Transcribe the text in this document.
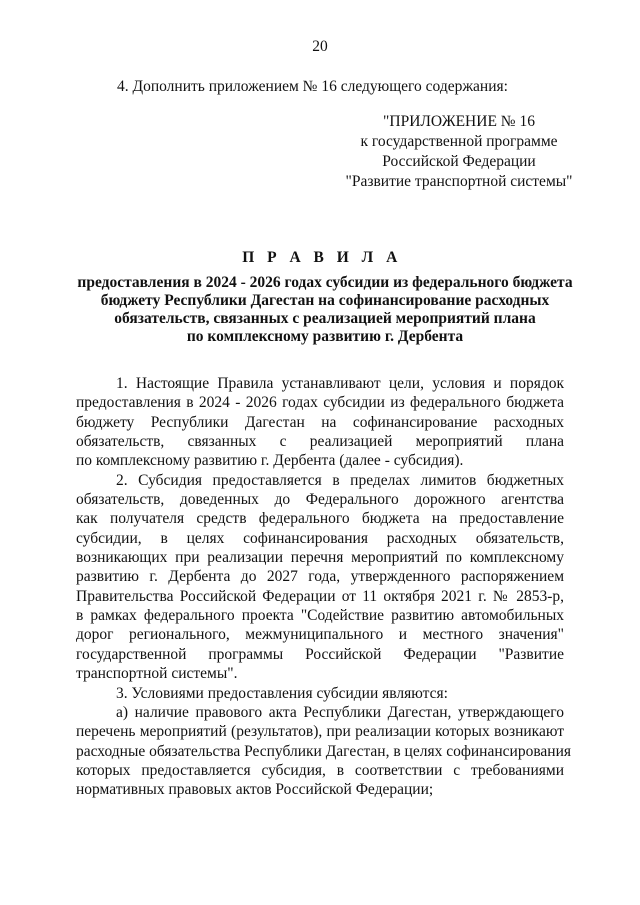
20
4. Дополнить приложением № 16 следующего содержания:
"ПРИЛОЖЕНИЕ № 16
к государственной программе
Российской Федерации
"Развитие транспортной системы"
П Р А В И Л А
предоставления в 2024 - 2026 годах субсидии из федерального бюджета
бюджету Республики Дагестан на софинансирование расходных
обязательств, связанных с реализацией мероприятий плана
по комплексному развитию г. Дербента
1. Настоящие Правила устанавливают цели, условия и порядок
предоставления в 2024 - 2026 годах субсидии из федерального бюджета
бюджету Республики Дагестан на софинансирование расходных
обязательств, связанных с реализацией мероприятий плана
по комплексному развитию г. Дербента (далее - субсидия).
2. Субсидия предоставляется в пределах лимитов бюджетных
обязательств, доведенных до Федерального дорожного агентства
как получателя средств федерального бюджета на предоставление
субсидии, в целях софинансирования расходных обязательств,
возникающих при реализации перечня мероприятий по комплексному
развитию г. Дербента до 2027 года, утвержденного распоряжением
Правительства Российской Федерации от 11 октября 2021 г. № 2853-р,
в рамках федерального проекта "Содействие развитию автомобильных
дорог регионального, межмуниципального и местного значения"
государственной программы Российской Федерации "Развитие
транспортной системы".
3. Условиями предоставления субсидии являются:
а) наличие правового акта Республики Дагестан, утверждающего
перечень мероприятий (результатов), при реализации которых возникают
расходные обязательства Республики Дагестан, в целях софинансирования
которых предоставляется субсидия, в соответствии с требованиями
нормативных правовых актов Российской Федерации;
